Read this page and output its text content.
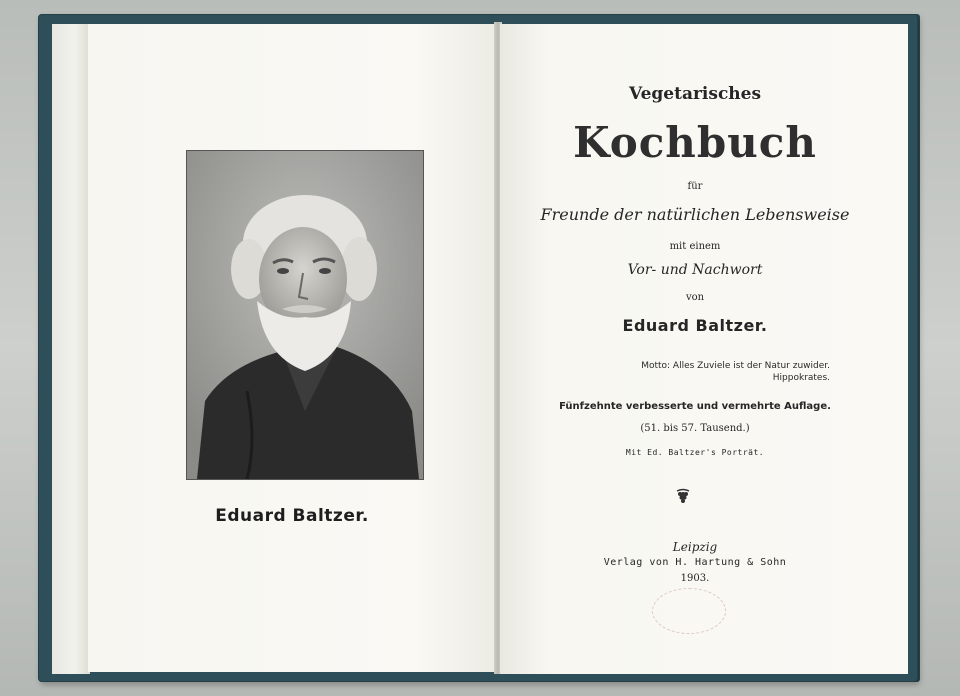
Eduard Baltzer.
Vegetarisches
Kochbuch
für
Freunde der natürlichen Lebensweise
mit einem
Vor- und Nachwort
von
Eduard Baltzer.
Motto: Alles Zuviele ist der Natur zuwider.
Hippokrates.
Fünfzehnte verbesserte und vermehrte Auflage.
(51. bis 57. Tausend.)
Mit Ed. Baltzer's Porträt.
Leipzig
Verlag von H. Hartung & Sohn
1903.
